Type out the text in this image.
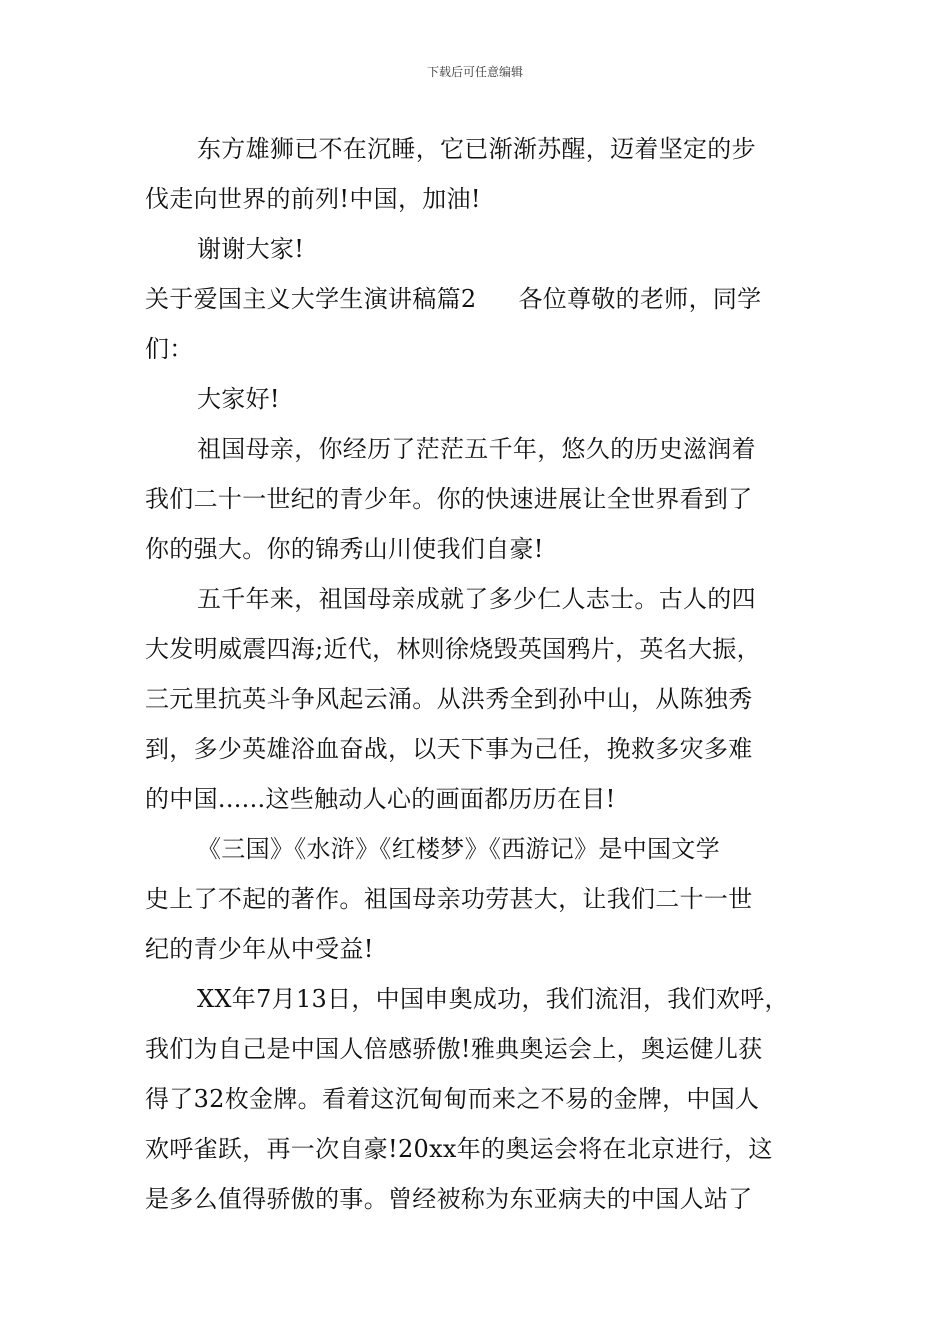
下载后可任意编辑
东方雄狮已不在沉睡，它已渐渐苏醒，迈着坚定的步
伐走向世界的前列!中国，加油!
谢谢大家!
关于爱国主义大学生演讲稿篇2 各位尊敬的老师，同学
们：
大家好!
祖国母亲，你经历了茫茫五千年，悠久的历史滋润着
我们二十一世纪的青少年。你的快速进展让全世界看到了
你的强大。你的锦秀山川使我们自豪!
五千年来，祖国母亲成就了多少仁人志士。古人的四
大发明威震四海;近代，林则徐烧毁英国鸦片，英名大振，
三元里抗英斗争风起云涌。从洪秀全到孙中山，从陈独秀
到，多少英雄浴血奋战，以天下事为己任，挽救多灾多难
的中国......这些触动人心的画面都历历在目!
《三国》《水浒》《红楼梦》《西游记》是中国文学
史上了不起的著作。祖国母亲功劳甚大，让我们二十一世
纪的青少年从中受益!
XX年7月13日，中国申奥成功，我们流泪，我们欢呼，
我们为自己是中国人倍感骄傲!雅典奥运会上，奥运健儿获
得了32枚金牌。看着这沉甸甸而来之不易的金牌，中国人
欢呼雀跃，再一次自豪!20xx年的奥运会将在北京进行，这
是多么值得骄傲的事。曾经被称为东亚病夫的中国人站了
